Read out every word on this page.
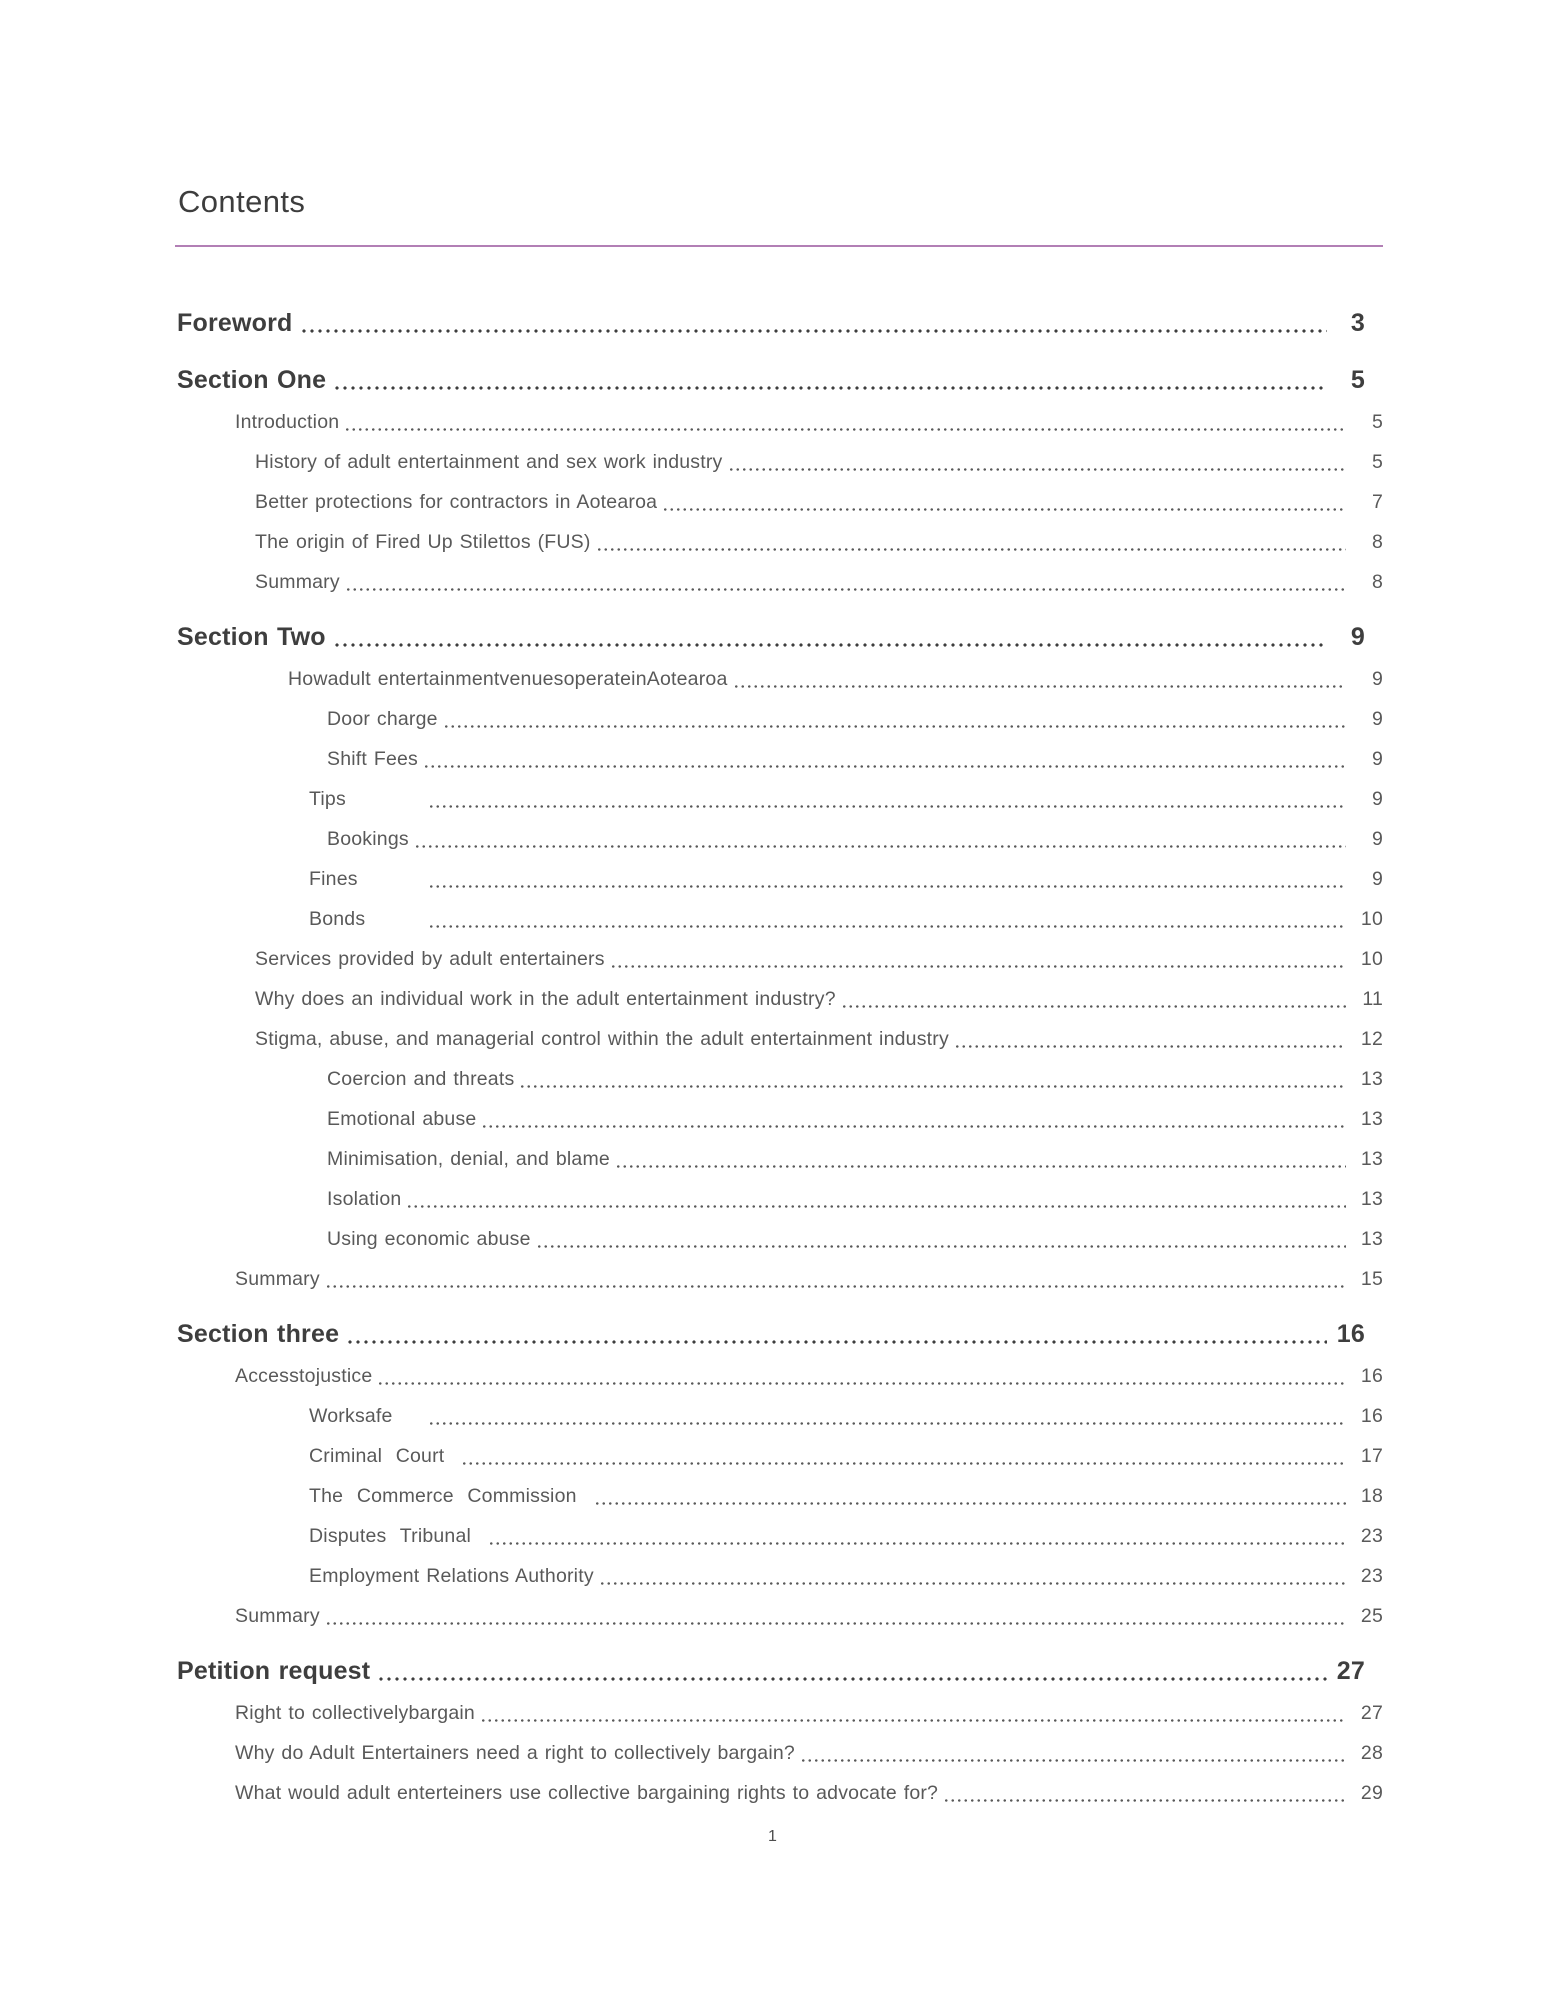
Contents
Foreword	3
Section One	5
Introduction	5
History of adult entertainment and sex work industry	5
Better protections for contractors in Aotearoa	7
The origin of Fired Up Stilettos (FUS)	8
Summary	8
Section Two	9
Howadult entertainmentvenuesoperateinAotearoa	9
Door charge	9
Shift Fees	9
Tips	9
Bookings	9
Fines	9
Bonds	10
Services provided by adult entertainers	10
Why does an individual work in the adult entertainment industry?	11
Stigma, abuse, and managerial control within the adult entertainment industry	12
Coercion and threats	13
Emotional abuse	13
Minimisation, denial, and blame	13
Isolation	13
Using economic abuse	13
Summary	15
Section three	16
Accesstojustice	16
Worksafe	16
Criminal Court	17
The Commerce Commission	18
Disputes Tribunal	23
Employment Relations Authority	23
Summary	25
Petition request	27
Right to collectivelybargain	27
Why do Adult Entertainers need a right to collectively bargain?	28
What would adult enterteiners use collective bargaining rights to advocate for?	29
1
